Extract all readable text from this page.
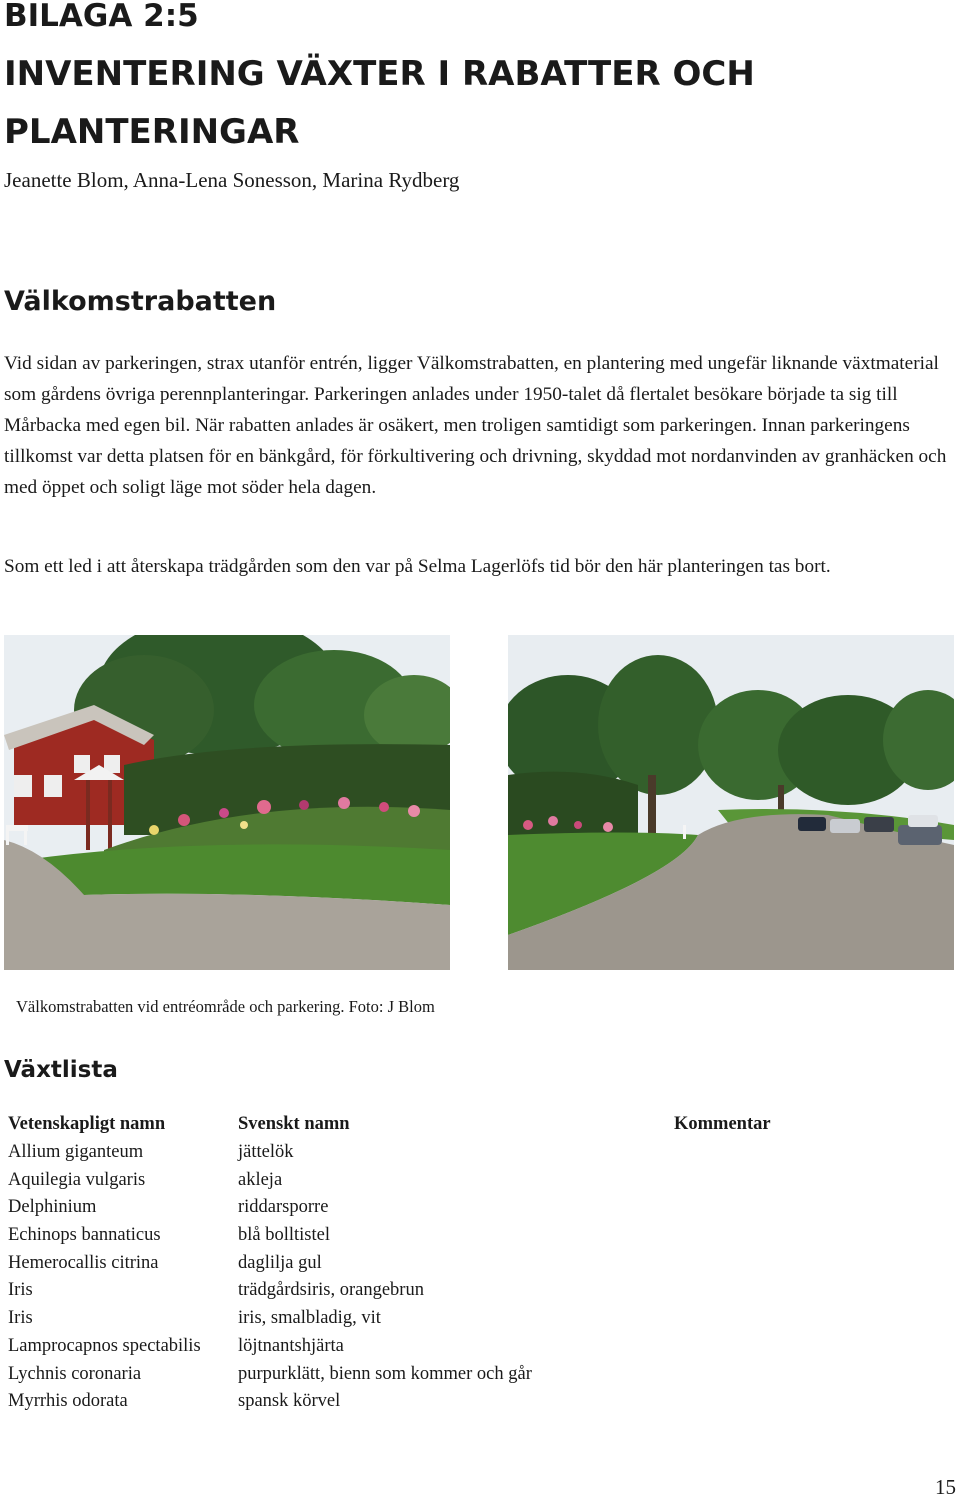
BILAGA 2:5
INVENTERING VÄXTER I RABATTER OCH
PLANTERINGAR
Jeanette Blom, Anna-Lena Sonesson, Marina Rydberg
Välkomstrabatten

Vid sidan av parkeringen, strax utanför entrén, ligger Välkomstrabatten, en plantering med ungefär liknande växtmaterial som gårdens övriga perennplanteringar. Parkeringen anlades under 1950-talet då flertalet besökare började ta sig till Mårbacka med egen bil. När rabatten anlades är osäkert, men troligen samtidigt som parkeringen. Innan parkeringens tillkomst var detta platsen för en bänkgård, för förkultivering och drivning, skyddad mot nordanvinden av granhäcken och med öppet och soligt läge mot söder hela dagen.

Som ett led i att återskapa trädgården som den var på Selma Lagerlöfs tid bör den här planteringen tas bort.

Välkomstrabatten vid entréområde och parkering. Foto: J Blom
Växtlista
Vetenskapligt namn	Svenskt namn	Kommentar
Allium giganteum	jättelök	
Aquilegia vulgaris	akleja	
Delphinium	riddarsporre	
Echinops bannaticus	blå bolltistel	
Hemerocallis citrina	daglilja gul	
Iris	trädgårdsiris, orangebrun	
Iris	iris, smalbladig, vit	

Lamprocapnos spectabilis	löjtnantshjärta	
Lychnis coronaria	purpurklätt, bienn som kommer och går	
Myrrhis odorata	spansk körvel	
15
